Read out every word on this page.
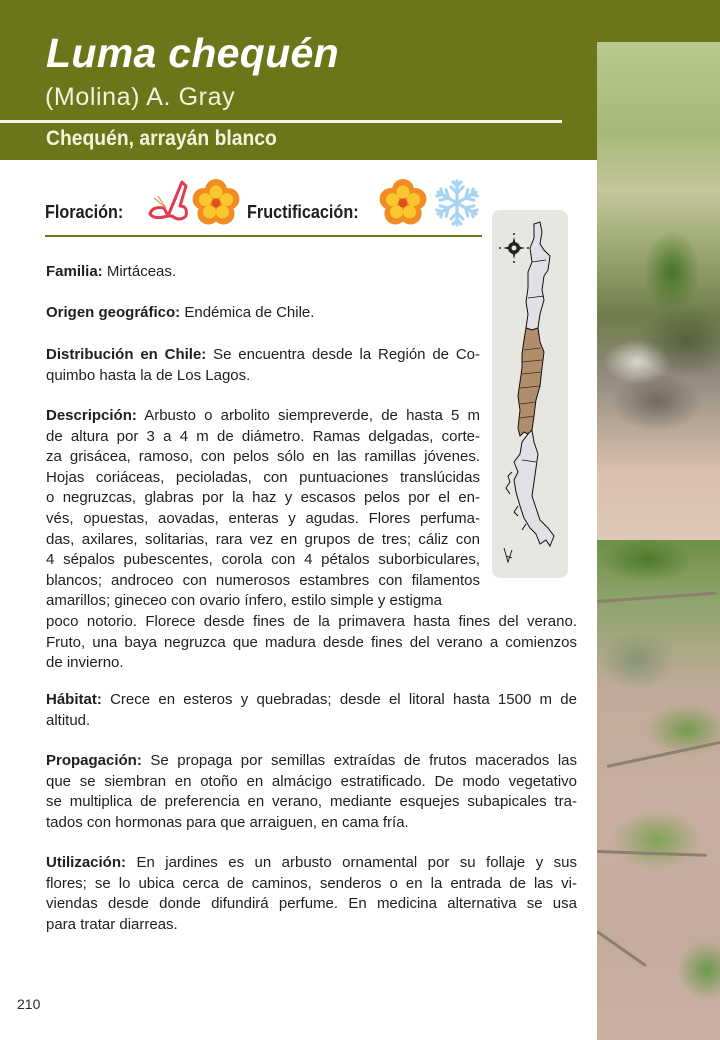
Luma chequén
(Molina) A. Gray
Chequén, arrayán blanco
Floración:	Fructificación:
Familia: Mirtáceas.
Origen geográfico: Endémica de Chile.
Distribución en Chile: Se encuentra desde la Región de Co-
quimbo hasta la de Los Lagos.
Descripción: Arbusto o arbolito siempreverde, de hasta 5 m
de altura por 3 a 4 m de diámetro. Ramas delgadas, corte-
za grisácea, ramoso, con pelos sólo en las ramillas jóvenes.
Hojas coriáceas, pecioladas, con puntuaciones translúcidas
o negruzcas, glabras por la haz y escasos pelos por el en-
vés, opuestas, aovadas, enteras y agudas. Flores perfuma-
das, axilares, solitarias, rara vez en grupos de tres; cáliz con
4 sépalos pubescentes, corola con 4 pétalos suborbiculares,
blancos; androceo con numerosos estambres con filamentos
amarillos; gineceo con ovario ínfero, estilo simple y estigma
poco notorio. Florece desde fines de la primavera hasta fines del verano.
Fruto, una baya negruzca que madura desde fines del verano a comienzos
de invierno.
Hábitat: Crece en esteros y quebradas; desde el litoral hasta 1500 m de
altitud.
Propagación: Se propaga por semillas extraídas de frutos macerados las
que se siembran en otoño en almácigo estratificado. De modo vegetativo
se multiplica de preferencia en verano, mediante esquejes subapicales tra-
tados con hormonas para que arraiguen, en cama fría.
Utilización: En jardines es un arbusto ornamental por su follaje y sus
flores; se lo ubica cerca de caminos, senderos o en la entrada de las vi-
viendas desde donde difundirá perfume. En medicina alternativa se usa
para tratar diarreas.
210
